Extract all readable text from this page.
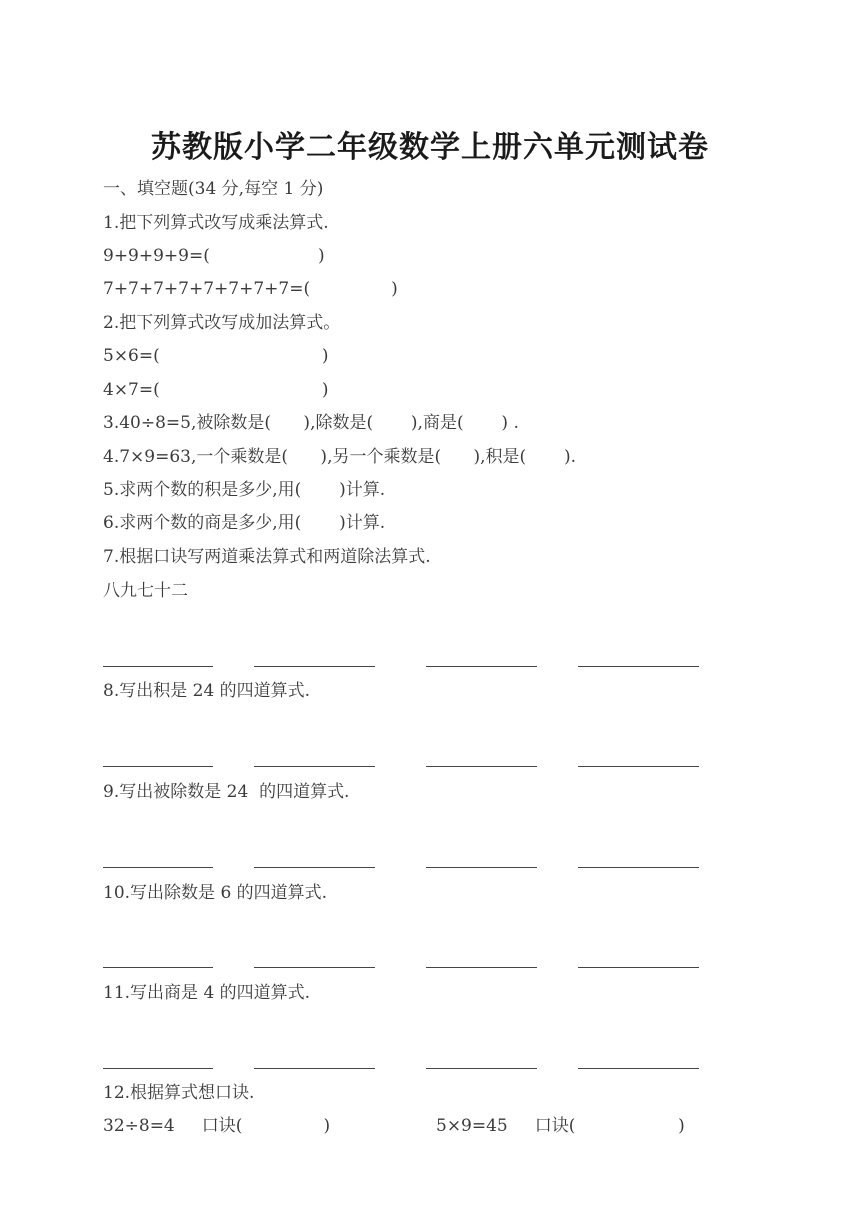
苏教版小学二年级数学上册六单元测试卷
一、填空题(34 分,每空 1 分)
1.把下列算式改写成乘法算式.
9+9+9+9=(                    )
7+7+7+7+7+7+7+7=(               )
2.把下列算式改写成加法算式。
5×6=(                              )
4×7=(                              )
3.40÷8=5,被除数是(      ),除数是(       ),商是(       ) .
4.7×9=63,一个乘数是(      ),另一个乘数是(      ),积是(       ).
5.求两个数的积是多少,用(       )计算.
6.求两个数的商是多少,用(       )计算.
7.根据口诀写两道乘法算式和两道除法算式.
八九七十二
8.写出积是 24 的四道算式.
9.写出被除数是 24  的四道算式.
10.写出除数是 6 的四道算式.
11.写出商是 4 的四道算式.
12.根据算式想口诀.
32÷8=4     口诀(               )	5×9=45     口诀(                   )
